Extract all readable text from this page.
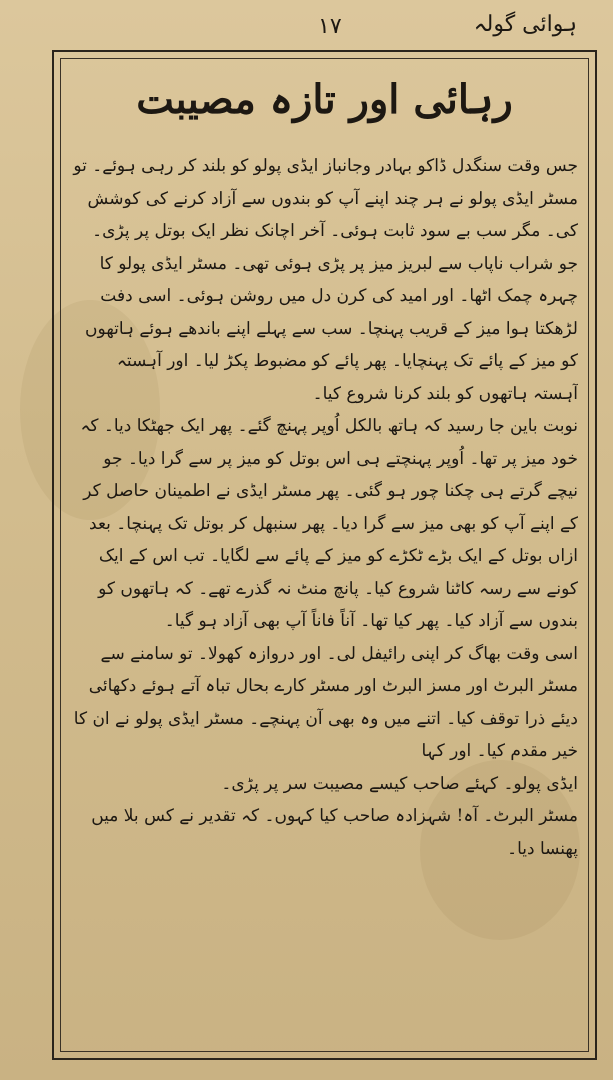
۱۷	ہوائی گولہ
رہائی اور تازہ مصیبت

جس وقت سنگدل ڈاکو بہادر وجانباز ایڈی پولو کو بلند کر رہی ہوئے۔ تو مسٹر ایڈی پولو نے ہر چند اپنے آپ کو بندوں سے آزاد کرنے کی کوشش کی۔ مگر سب بے سود ثابت ہوئی۔ آخر اچانک نظر ایک بوتل پر پڑی۔ جو شراب ناپاب سے لبریز میز پر پڑی ہوئی تھی۔ مسٹر ایڈی پولو کا چہرہ چمک اٹھا۔ اور امید کی کرن دل میں روشن ہوئی۔ اسی دفت لڑھکتا ہوا میز کے قریب پہنچا۔ سب سے پہلے اپنے باندھے ہوئے ہاتھوں کو میز کے پائے تک پہنچایا۔ پھر پائے کو مضبوط پکڑ لیا۔ اور آہستہ آہستہ ہاتھوں کو بلند کرنا شروع کیا۔

نوبت باین جا رسید کہ ہاتھ بالکل اُوپر پہنچ گئے۔ پھر ایک جھٹکا دیا۔ کہ خود میز پر تھا۔ اُوپر پہنچتے ہی اس بوتل کو میز پر سے گرا دیا۔ جو نیچے گرتے ہی چکنا چور ہو گئی۔ پھر مسٹر ایڈی نے اطمینان حاصل کر کے اپنے آپ کو بھی میز سے گرا دیا۔ پھر سنبھل کر بوتل تک پہنچا۔ بعد ازاں بوتل کے ایک بڑے ٹکڑے کو میز کے پائے سے لگایا۔ تب اس کے ایک کونے سے رسہ کاٹنا شروع کیا۔ پانچ منٹ نہ گذرے تھے۔ کہ ہاتھوں کو بندوں سے آزاد کیا۔ پھر کیا تھا۔ آناً فاناً آپ بھی آزاد ہو گیا۔

اسی وقت بھاگ کر اپنی رائیفل لی۔ اور دروازہ کھولا۔ تو سامنے سے مسٹر البرٹ اور مسز البرٹ اور مسٹر کارے بحال تباہ آتے ہوئے دکھائی دیئے ذرا توقف کیا۔ اتنے میں وہ بھی آن پہنچے۔ مسٹر ایڈی پولو نے ان کا خیر مقدم کیا۔ اور کہا

ایڈی پولو۔ کہئے صاحب کیسے مصیبت سر پر پڑی۔

مسٹر البرٹ۔ آہ! شہزادہ صاحب کیا کہوں۔ کہ تقدیر نے کس بلا میں پھنسا دیا۔
